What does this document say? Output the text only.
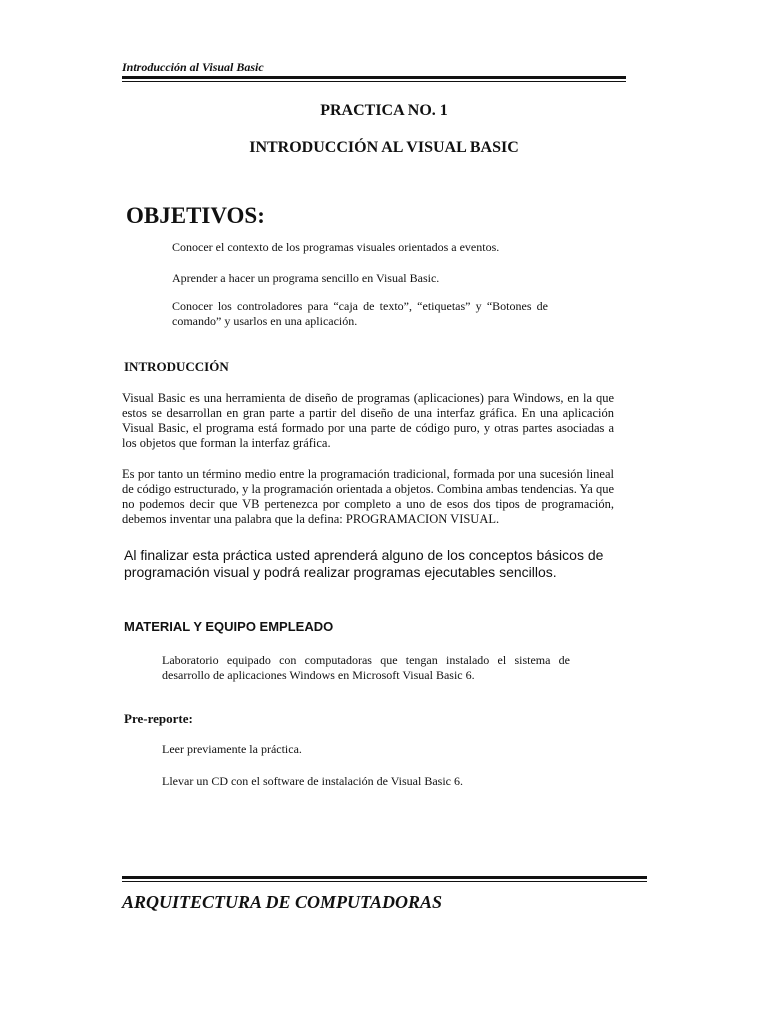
Introducción al Visual Basic
PRACTICA NO. 1
INTRODUCCIÓN AL VISUAL BASIC
OBJETIVOS:
Conocer el contexto de los programas visuales orientados a eventos.
Aprender a hacer un programa sencillo en Visual Basic.
Conocer los controladores para “caja de texto”, “etiquetas” y “Botones de comando” y usarlos en una aplicación.
INTRODUCCIÓN
Visual Basic es una herramienta de diseño de programas (aplicaciones) para Windows, en la que estos se desarrollan en gran parte a partir del diseño de una interfaz gráfica. En una aplicación Visual Basic, el programa está formado por una parte de código puro, y otras partes asociadas a los objetos que forman la interfaz gráfica.
Es por tanto un término medio entre la programación tradicional, formada por una sucesión lineal de código estructurado, y la programación orientada a objetos. Combina ambas tendencias. Ya que no podemos decir que VB pertenezca por completo a uno de esos dos tipos de programación, debemos inventar una palabra que la defina: PROGRAMACION VISUAL.
Al finalizar esta práctica usted aprenderá alguno de los conceptos básicos de programación visual y podrá realizar programas ejecutables sencillos.
MATERIAL Y EQUIPO EMPLEADO
Laboratorio equipado con computadoras que tengan instalado el sistema de desarrollo de aplicaciones Windows en Microsoft Visual Basic 6.
Pre-reporte:
Leer previamente la práctica.
Llevar un CD con el software de instalación de Visual Basic 6.
ARQUITECTURA DE COMPUTADORAS
